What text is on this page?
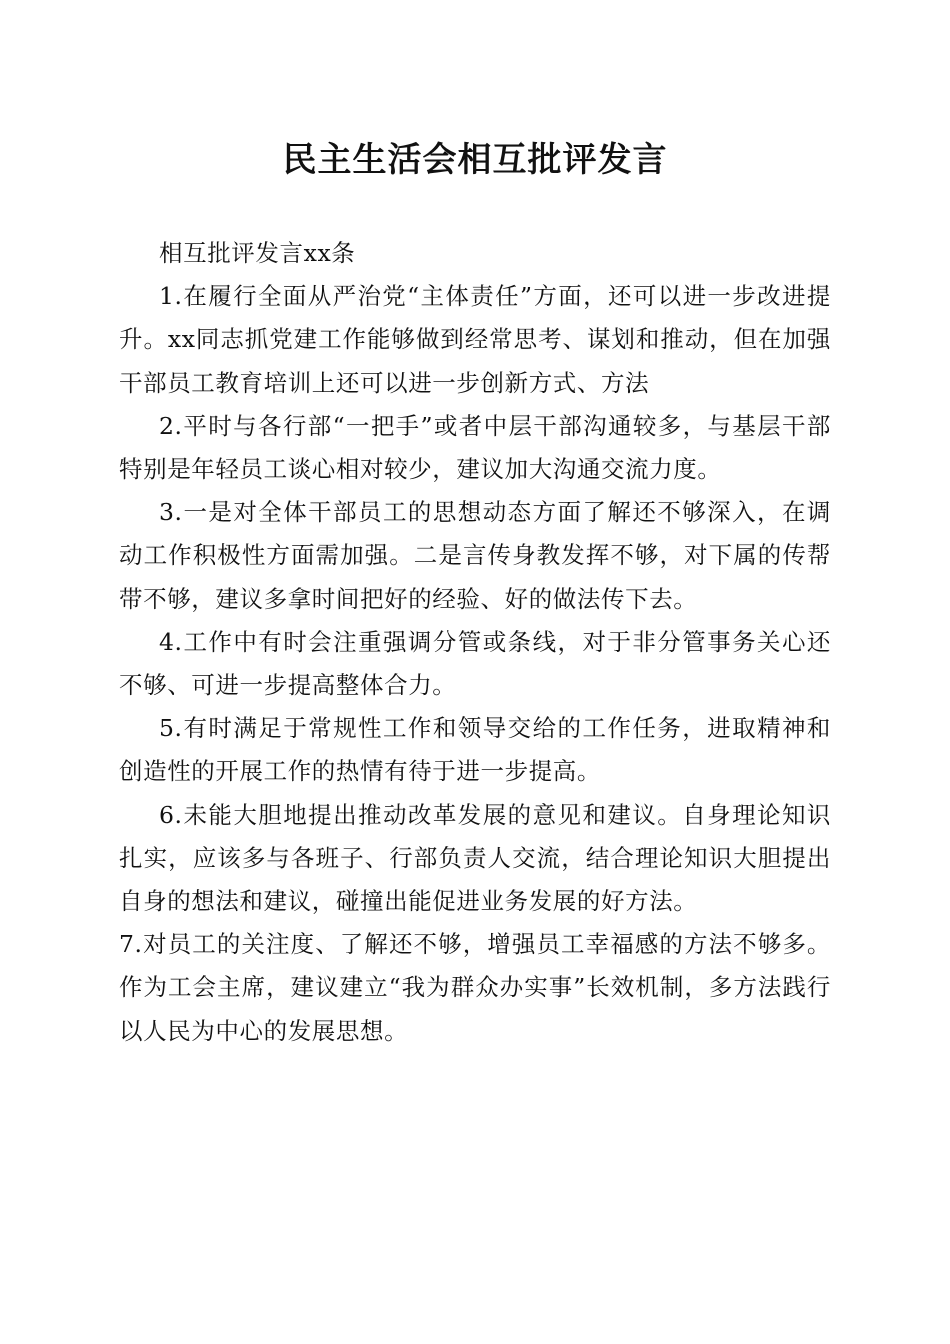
民主生活会相互批评发言

相互批评发言xx条

1.在履行全面从严治党“主体责任”方面，还可以进一步改进提升。xx同志抓党建工作能够做到经常思考、谋划和推动，但在加强干部员工教育培训上还可以进一步创新方式、方法

2.平时与各行部“一把手”或者中层干部沟通较多，与基层干部特别是年轻员工谈心相对较少，建议加大沟通交流力度。

3.一是对全体干部员工的思想动态方面了解还不够深入，在调动工作积极性方面需加强。二是言传身教发挥不够，对下属的传帮带不够，建议多拿时间把好的经验、好的做法传下去。

4.工作中有时会注重强调分管或条线，对于非分管事务关心还不够、可进一步提高整体合力。

5.有时满足于常规性工作和领导交给的工作任务，进取精神和创造性的开展工作的热情有待于进一步提高。

6.未能大胆地提出推动改革发展的意见和建议。自身理论知识扎实，应该多与各班子、行部负责人交流，结合理论知识大胆提出自身的想法和建议，碰撞出能促进业务发展的好方法。

7.对员工的关注度、了解还不够，增强员工幸福感的方法不够多。作为工会主席，建议建立“我为群众办实事”长效机制，多方法践行以人民为中心的发展思想。
